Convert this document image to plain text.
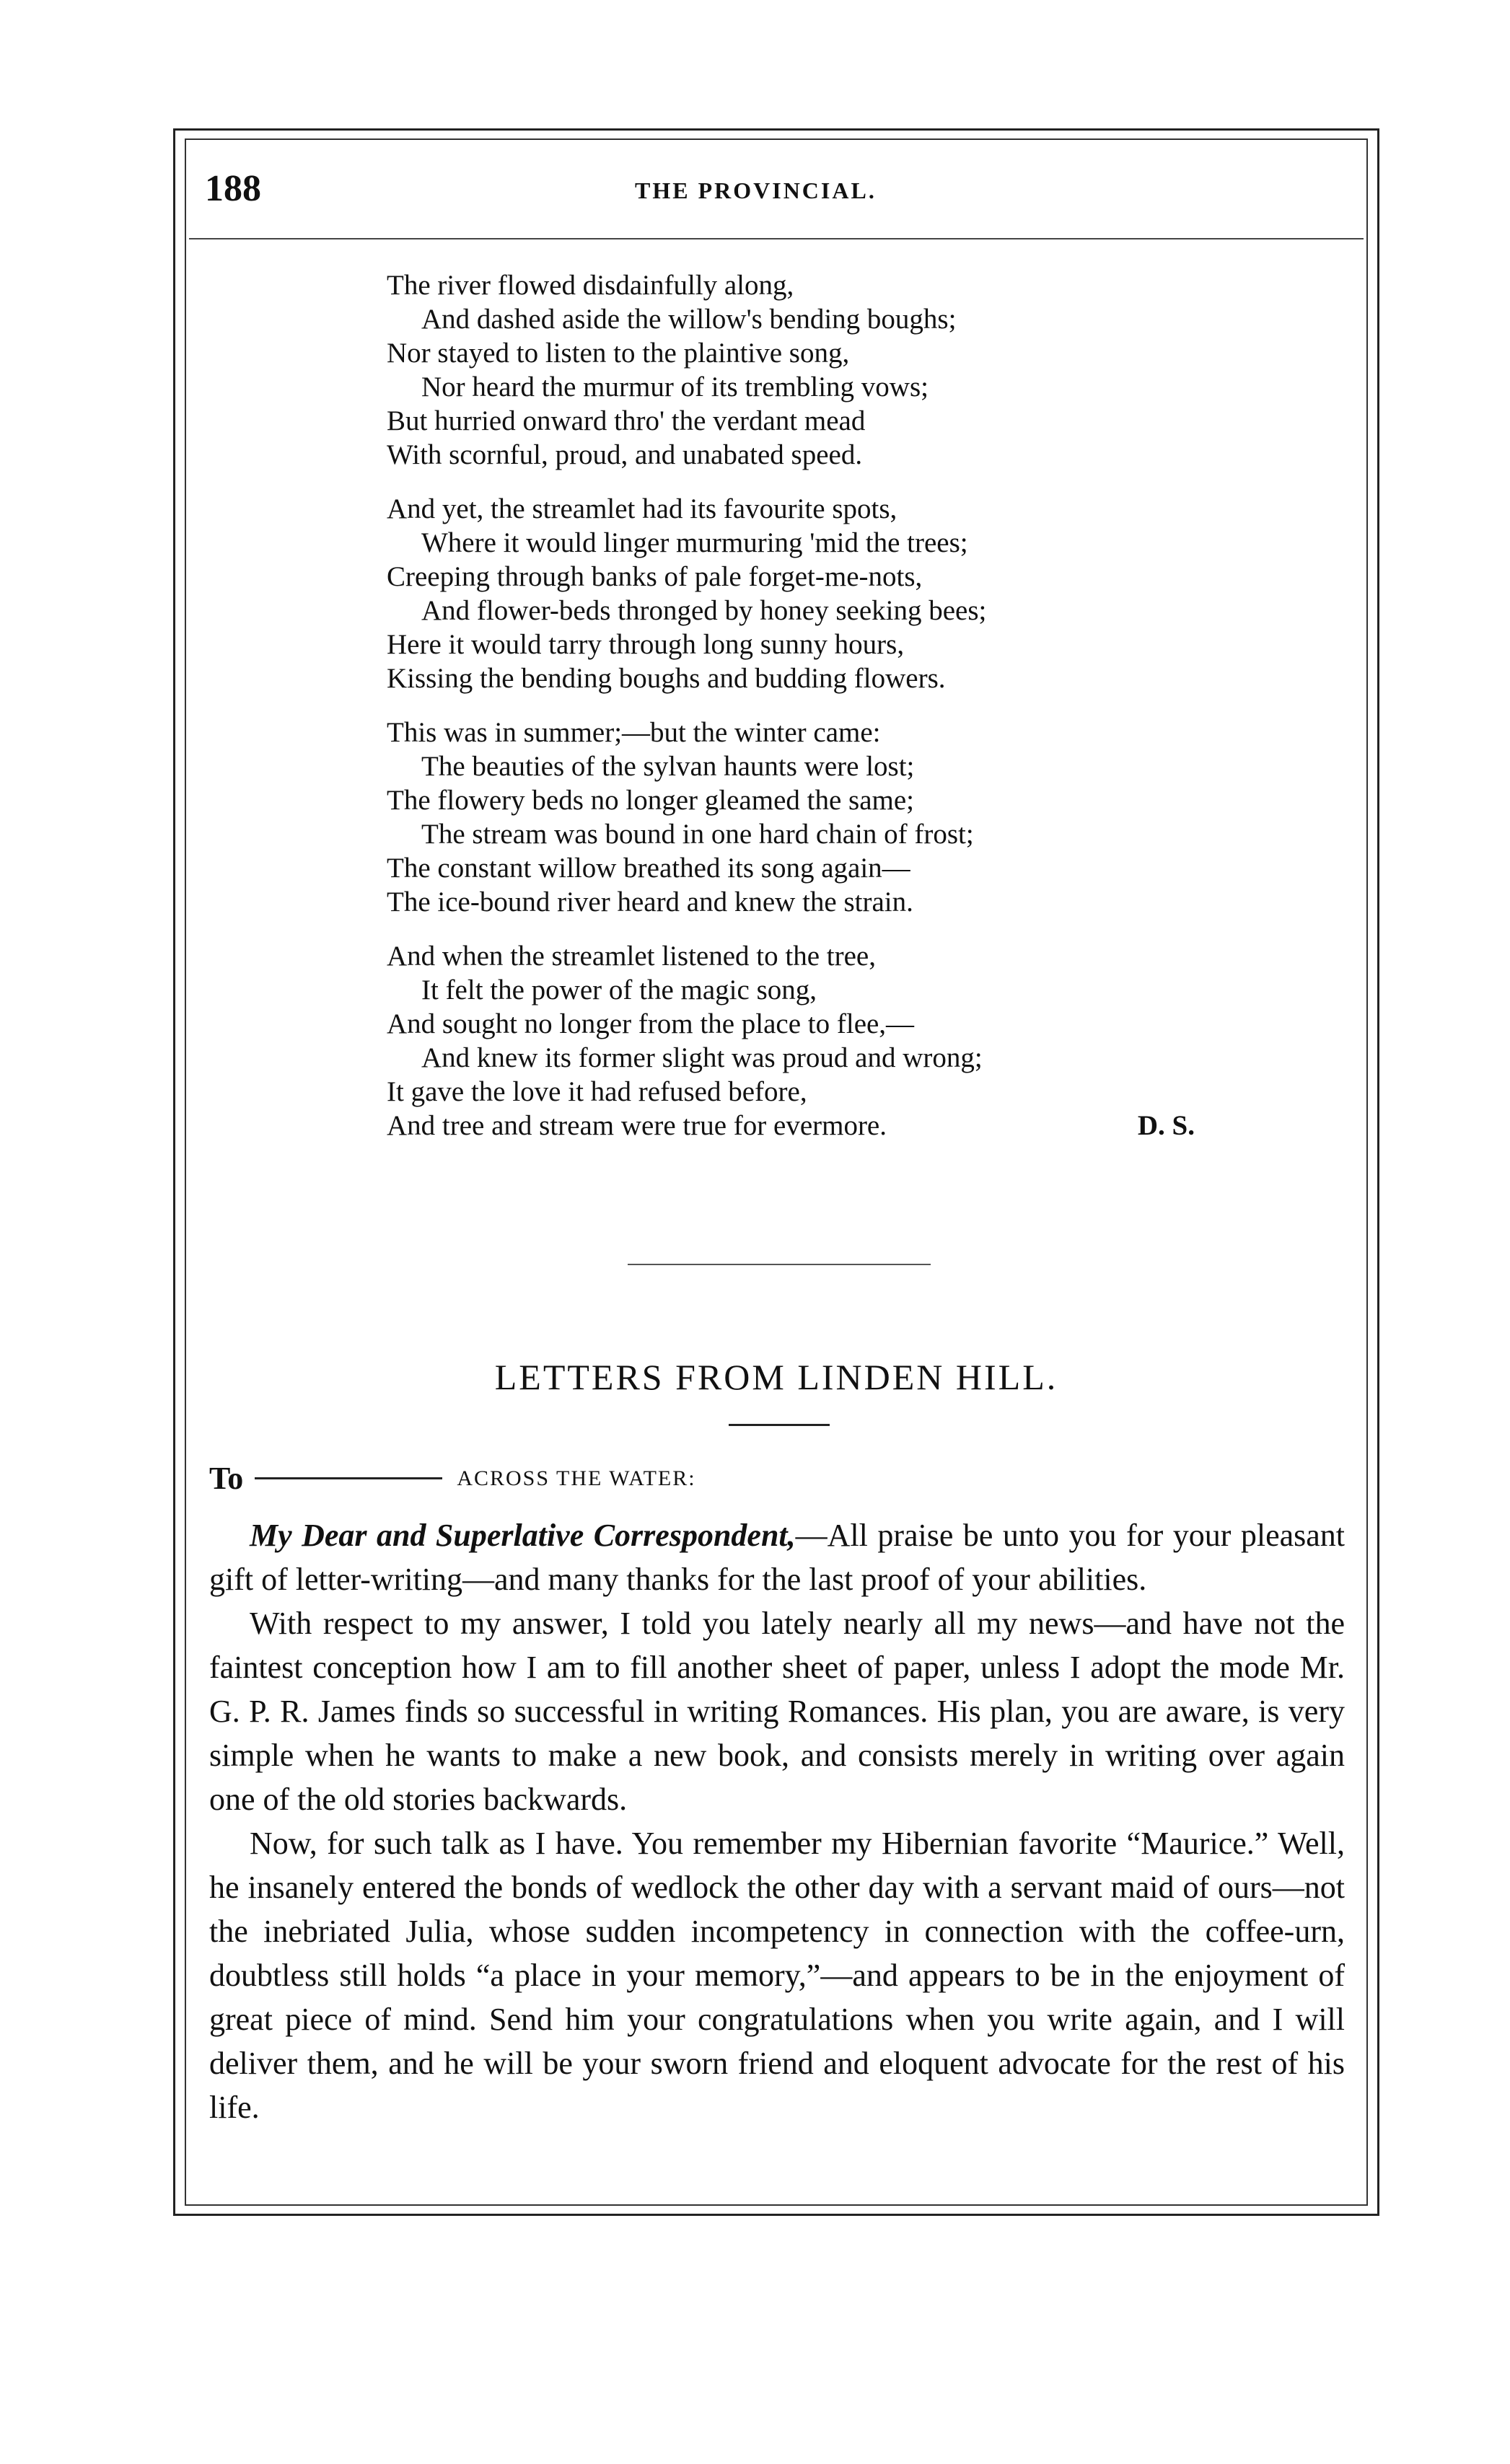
188	THE PROVINCIAL.
The river flowed disdainfully along,
And dashed aside the willow's bending boughs;
Nor stayed to listen to the plaintive song,
Nor heard the murmur of its trembling vows;
But hurried onward thro' the verdant mead
With scornful, proud, and unabated speed.
And yet, the streamlet had its favourite spots,
Where it would linger murmuring 'mid the trees;
Creeping through banks of pale forget-me-nots,
And flower-beds thronged by honey seeking bees;
Here it would tarry through long sunny hours,
Kissing the bending boughs and budding flowers.
This was in summer;—but the winter came:
The beauties of the sylvan haunts were lost;
The flowery beds no longer gleamed the same;
The stream was bound in one hard chain of frost;
The constant willow breathed its song again—
The ice-bound river heard and knew the strain.
And when the streamlet listened to the tree,
It felt the power of the magic song,
And sought no longer from the place to flee,—
And knew its former slight was proud and wrong;
It gave the love it had refused before,
And tree and stream were true for evermore.	D. S.
LETTERS FROM LINDEN HILL.
To	ACROSS THE WATER:

My Dear and Superlative Correspondent,—All praise be unto you for your pleasant gift of letter-writing—and many thanks for the last proof of your abilities.

With respect to my answer, I told you lately nearly all my news—and have not the faintest conception how I am to fill another sheet of paper, unless I adopt the mode Mr. G. P. R. James finds so successful in writing Romances. His plan, you are aware, is very simple when he wants to make a new book, and consists merely in writing over again one of the old stories backwards.

Now, for such talk as I have. You remember my Hibernian favorite “Maurice.” Well, he insanely entered the bonds of wedlock the other day with a servant maid of ours—not the inebriated Julia, whose sudden incompetency in connection with the coffee-urn, doubtless still holds “a place in your memory,”—and appears to be in the enjoyment of great piece of mind. Send him your congratulations when you write again, and I will deliver them, and he will be your sworn friend and eloquent advocate for the rest of his life.
